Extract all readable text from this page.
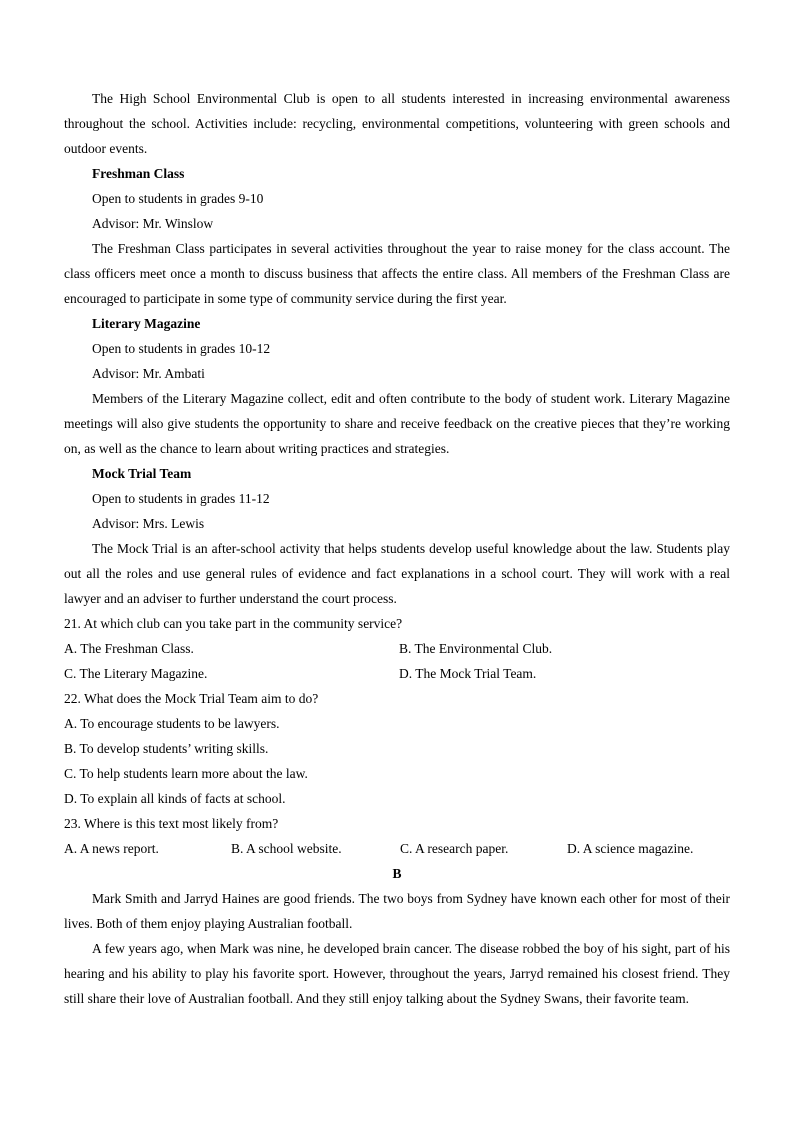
The High School Environmental Club is open to all students interested in increasing environmental awareness throughout the school. Activities include: recycling, environmental competitions, volunteering with green schools and outdoor events.

Freshman Class
Open to students in grades 9-10
Advisor: Mr. Winslow

The Freshman Class participates in several activities throughout the year to raise money for the class account. The class officers meet once a month to discuss business that affects the entire class. All members of the Freshman Class are encouraged to participate in some type of community service during the first year.

Literary Magazine
Open to students in grades 10-12
Advisor: Mr. Ambati

Members of the Literary Magazine collect, edit and often contribute to the body of student work. Literary Magazine meetings will also give students the opportunity to share and receive feedback on the creative pieces that they’re working on, as well as the chance to learn about writing practices and strategies.

Mock Trial Team
Open to students in grades 11-12
Advisor: Mrs. Lewis

The Mock Trial is an after-school activity that helps students develop useful knowledge about the law. Students play out all the roles and use general rules of evidence and fact explanations in a school court. They will work with a real lawyer and an adviser to further understand the court process.

21. At which club can you take part in the community service?
A. The Freshman Class.	B. The Environmental Club.
C. The Literary Magazine.	D. The Mock Trial Team.
22. What does the Mock Trial Team aim to do?
A. To encourage students to be lawyers.
B. To develop students’ writing skills.
C. To help students learn more about the law.
D. To explain all kinds of facts at school.
23. Where is this text most likely from?
A. A news report.	B. A school website.	C. A research paper.	D. A science magazine.
B

Mark Smith and Jarryd Haines are good friends. The two boys from Sydney have known each other for most of their lives. Both of them enjoy playing Australian football.

A few years ago, when Mark was nine, he developed brain cancer. The disease robbed the boy of his sight, part of his hearing and his ability to play his favorite sport. However, throughout the years, Jarryd remained his closest friend. They still share their love of Australian football. And they still enjoy talking about the Sydney Swans, their favorite team.
